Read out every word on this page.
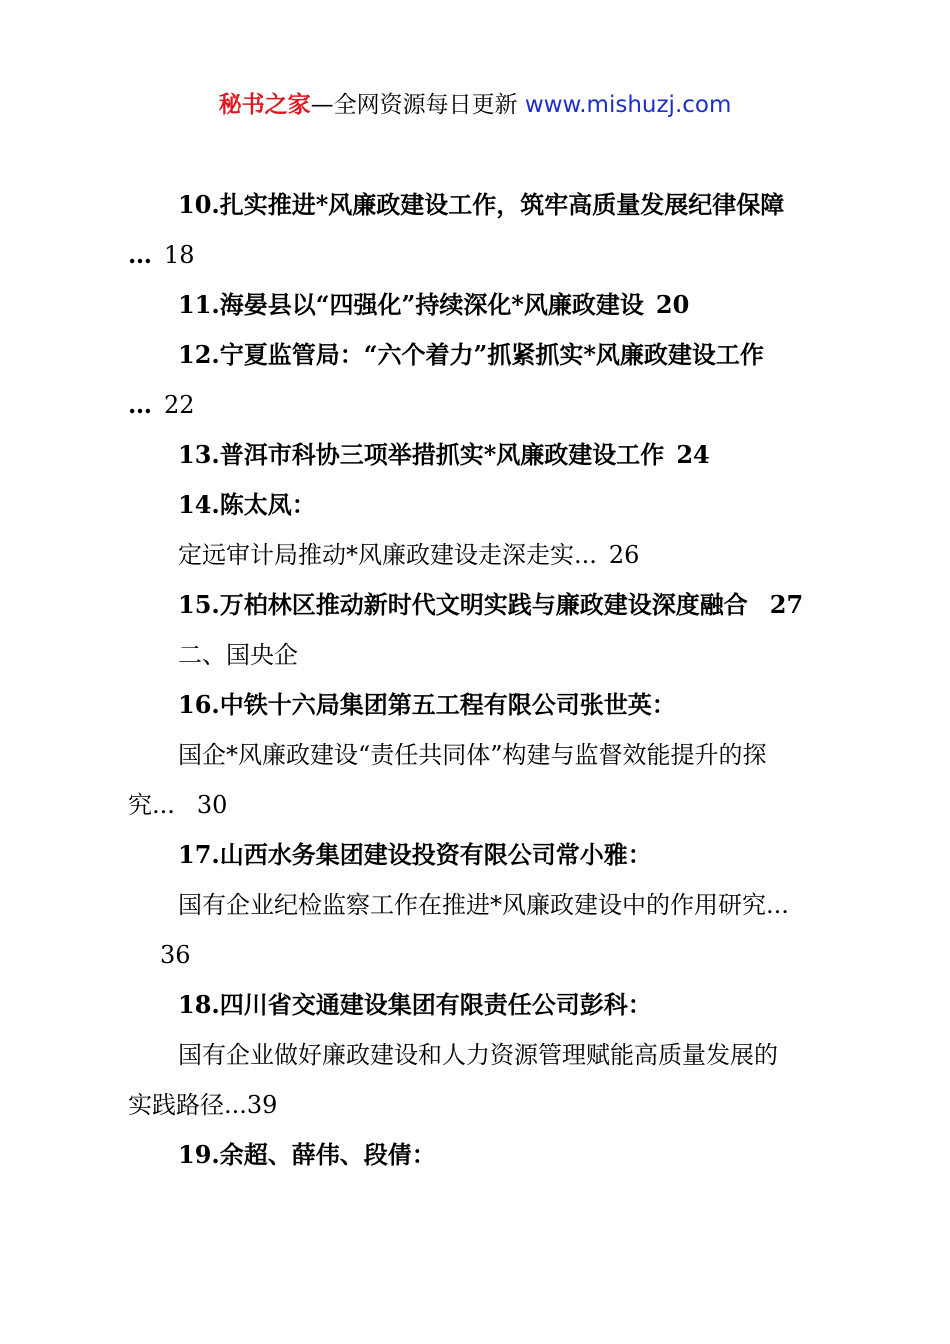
秘书之家—全网资源每日更新 www.mishuzj.com
10.扎实推进*风廉政建设工作，筑牢高质量发展纪律保障
… 18
11.海晏县以“四强化”持续深化*风廉政建设 20
12.宁夏监管局：“六个着力”抓紧抓实*风廉政建设工作
… 22
13.普洱市科协三项举措抓实*风廉政建设工作 24
14.陈太凤：
定远审计局推动*风廉政建设走深走实... 26
15.万柏林区推动新时代文明实践与廉政建设深度融合 27
二、国央企
16.中铁十六局集团第五工程有限公司张世英：
国企*风廉政建设“责任共同体”构建与监督效能提升的探
究... 30
17.山西水务集团建设投资有限公司常小雅：
国有企业纪检监察工作在推进*风廉政建设中的作用研究...
36
18.四川省交通建设集团有限责任公司彭科：
国有企业做好廉政建设和人力资源管理赋能高质量发展的
实践路径...39
19.余超、薛伟、段倩：
